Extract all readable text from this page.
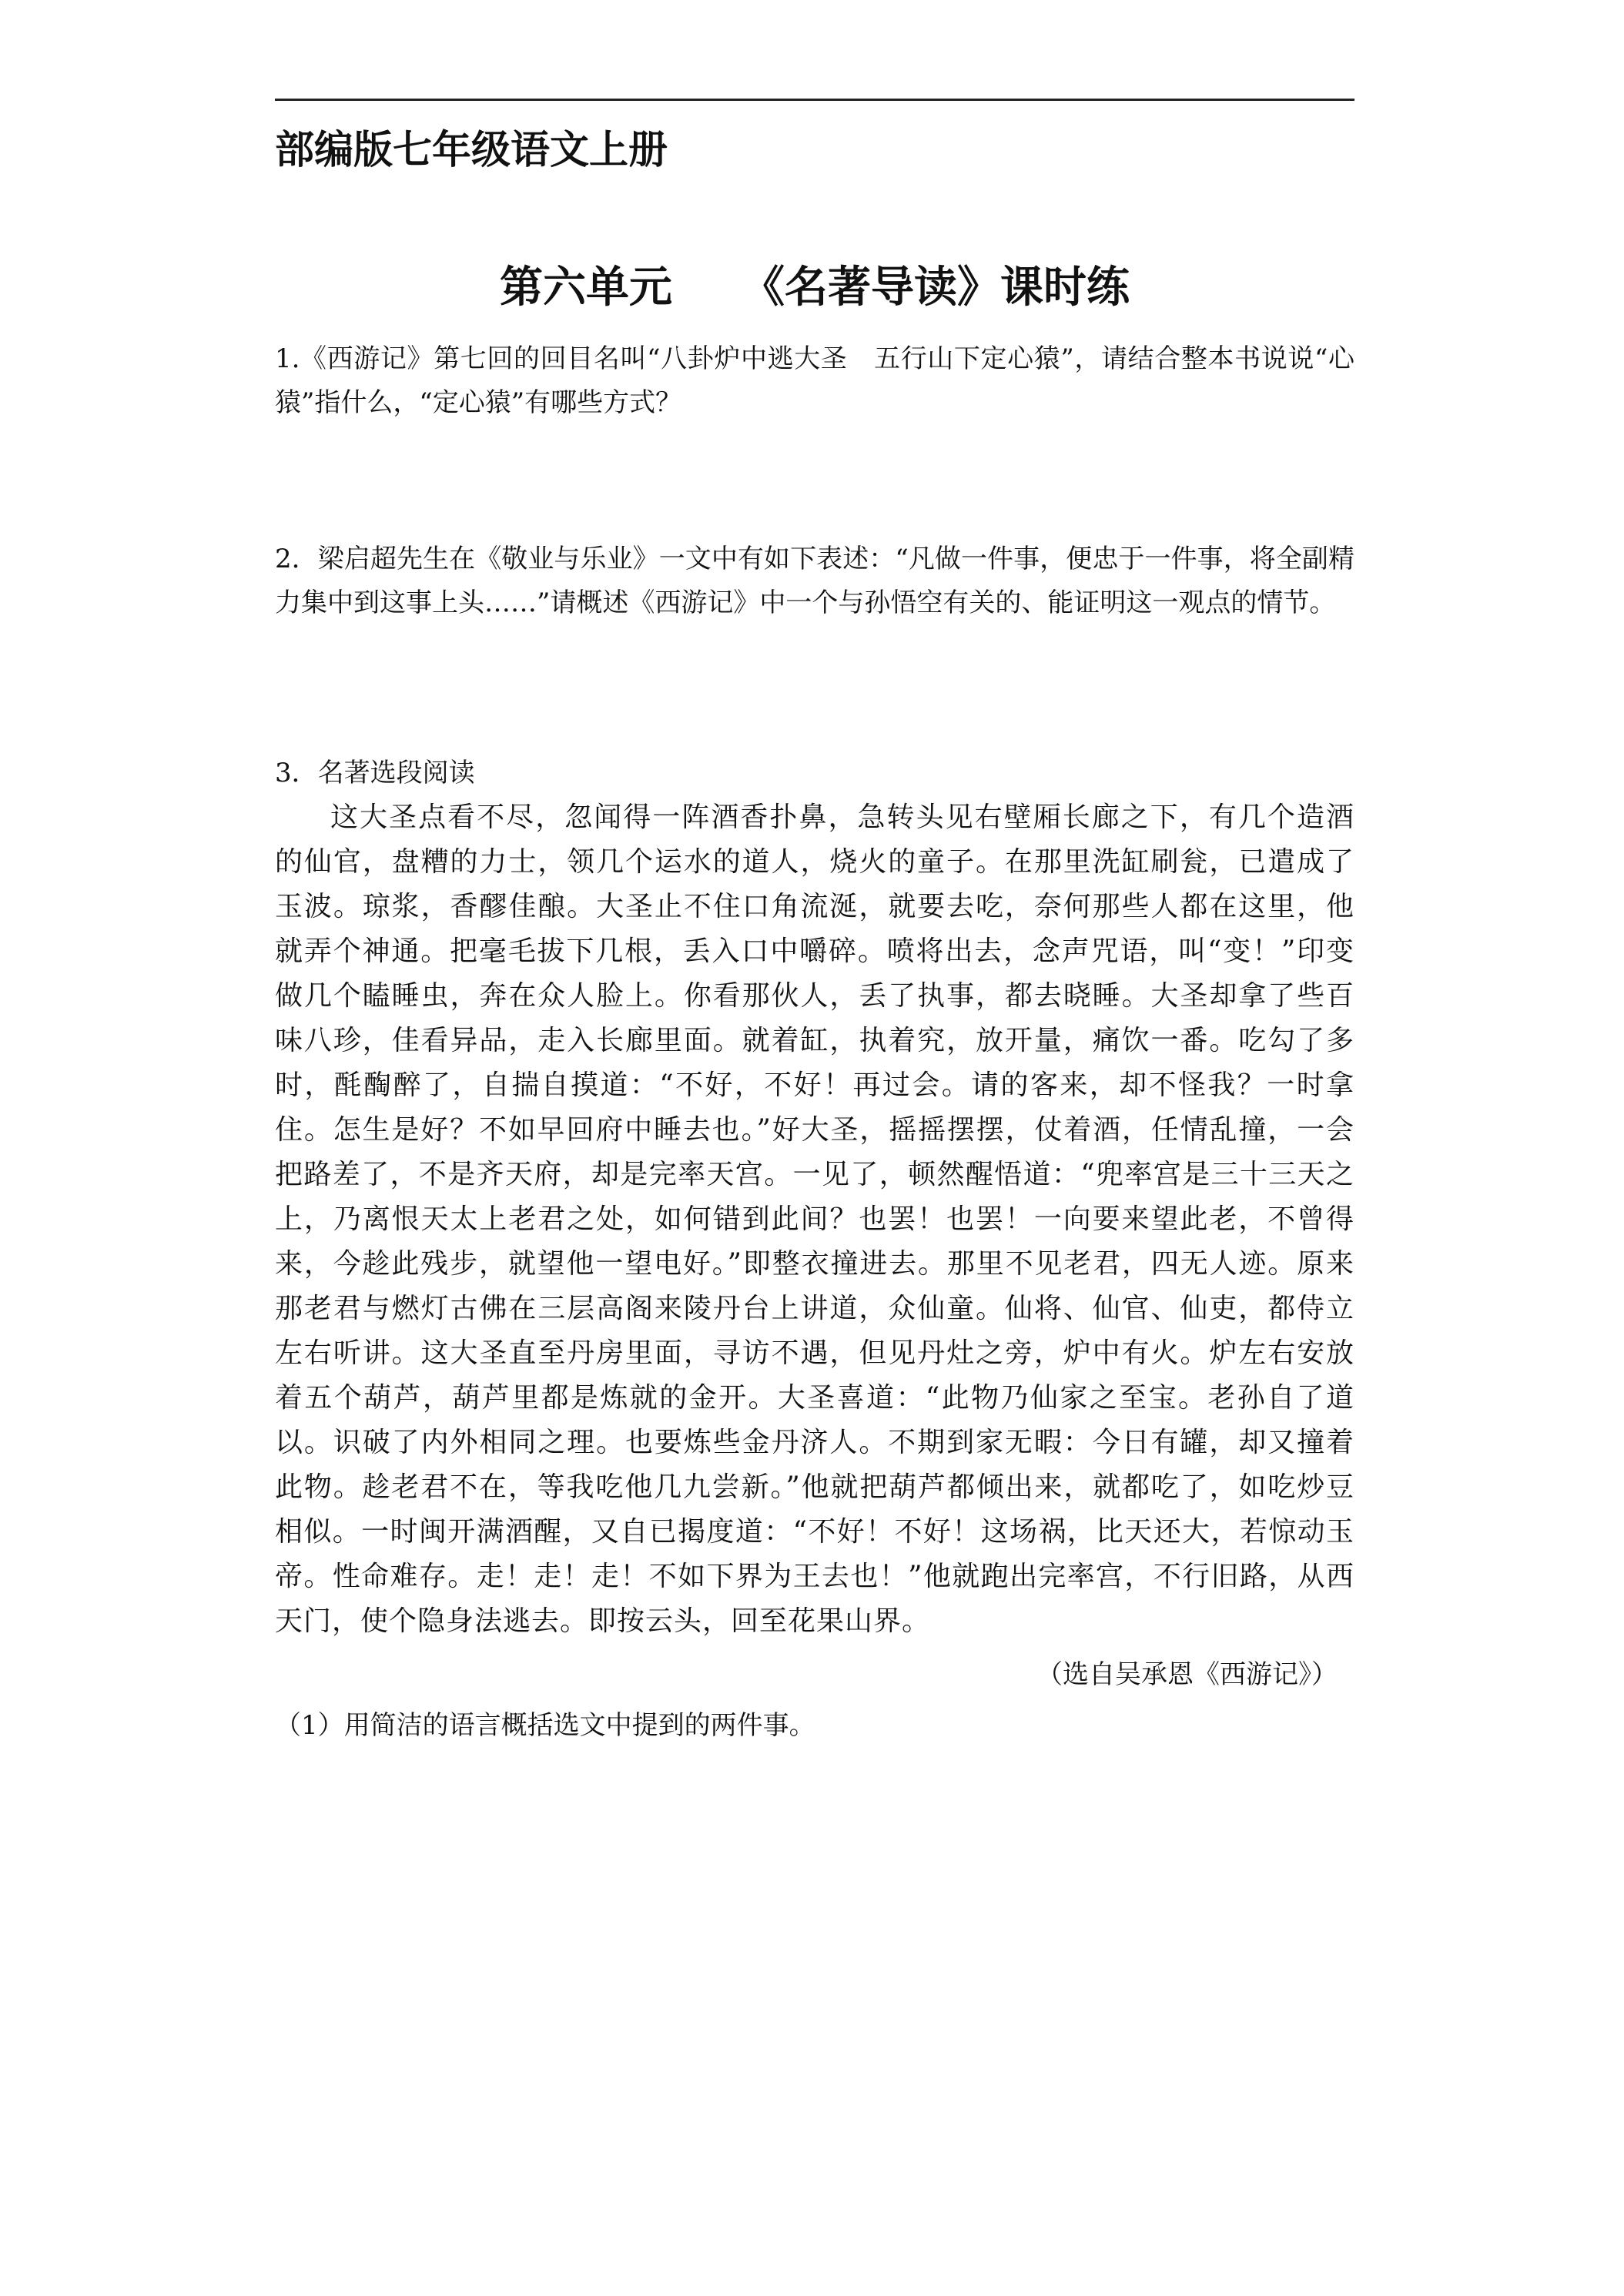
部编版七年级语文上册
第六单元 《名著导读》课时练

1.《西游记》第七回的回目名叫“八卦炉中逃大圣　五行山下定心猿”，请结合整本书说说“心猿”指什么，“定心猿”有哪些方式？

2．梁启超先生在《敬业与乐业》一文中有如下表述：“凡做一件事，便忠于一件事，将全副精力集中到这事上头……”请概述《西游记》中一个与孙悟空有关的、能证明这一观点的情节。

3．名著选段阅读

这大圣点看不尽，忽闻得一阵酒香扑鼻，急转头见右壁厢长廊之下，有几个造酒的仙官，盘糟的力士，领几个运水的道人，烧火的童子。在那里洗缸刷瓮，已遣成了玉波。琼浆，香醪佳酿。大圣止不住口角流涎，就要去吃，奈何那些人都在这里，他就弄个神通。把毫毛拔下几根，丢入口中嚼碎。喷将出去，念声咒语，叫“变！”印变做几个瞌睡虫，奔在众人脸上。你看那伙人，丢了执事，都去晓睡。大圣却拿了些百味八珍，佳看异品，走入长廊里面。就着缸，执着究，放开量，痛饮一番。吃勾了多时，酕醄醉了，自揣自摸道：“不好，不好！再过会。请的客来，却不怪我？一时拿住。怎生是好？不如早回府中睡去也。”好大圣，摇摇摆摆，仗着酒，任情乱撞，一会把路差了，不是齐天府，却是完率天宫。一见了，顿然醒悟道：“兜率宫是三十三天之上，乃离恨天太上老君之处，如何错到此间？也罢！也罢！一向要来望此老，不曾得来，今趁此残步，就望他一望电好。”即整衣撞进去。那里不见老君，四无人迹。原来那老君与燃灯古佛在三层高阁来陵丹台上讲道，众仙童。仙将、仙官、仙吏，都侍立左右听讲。这大圣直至丹房里面，寻访不遇，但见丹灶之旁，炉中有火。炉左右安放着五个葫芦，葫芦里都是炼就的金开。大圣喜道：“此物乃仙家之至宝。老孙自了道以。识破了内外相同之理。也要炼些金丹济人。不期到家无暇：今日有罐，却又撞着此物。趁老君不在，等我吃他几九尝新。”他就把葫芦都倾出来，就都吃了，如吃炒豆相似。一时闽开满酒醒，又自已揭度道：“不好！不好！这场祸，比天还大，若惊动玉帝。性命难存。走！走！走！不如下界为王去也！”他就跑出完率宫，不行旧路，从西天门，使个隐身法逃去。即按云头，回至花果山界。

（选自吴承恩《西游记》）

（1）用简洁的语言概括选文中提到的两件事。
